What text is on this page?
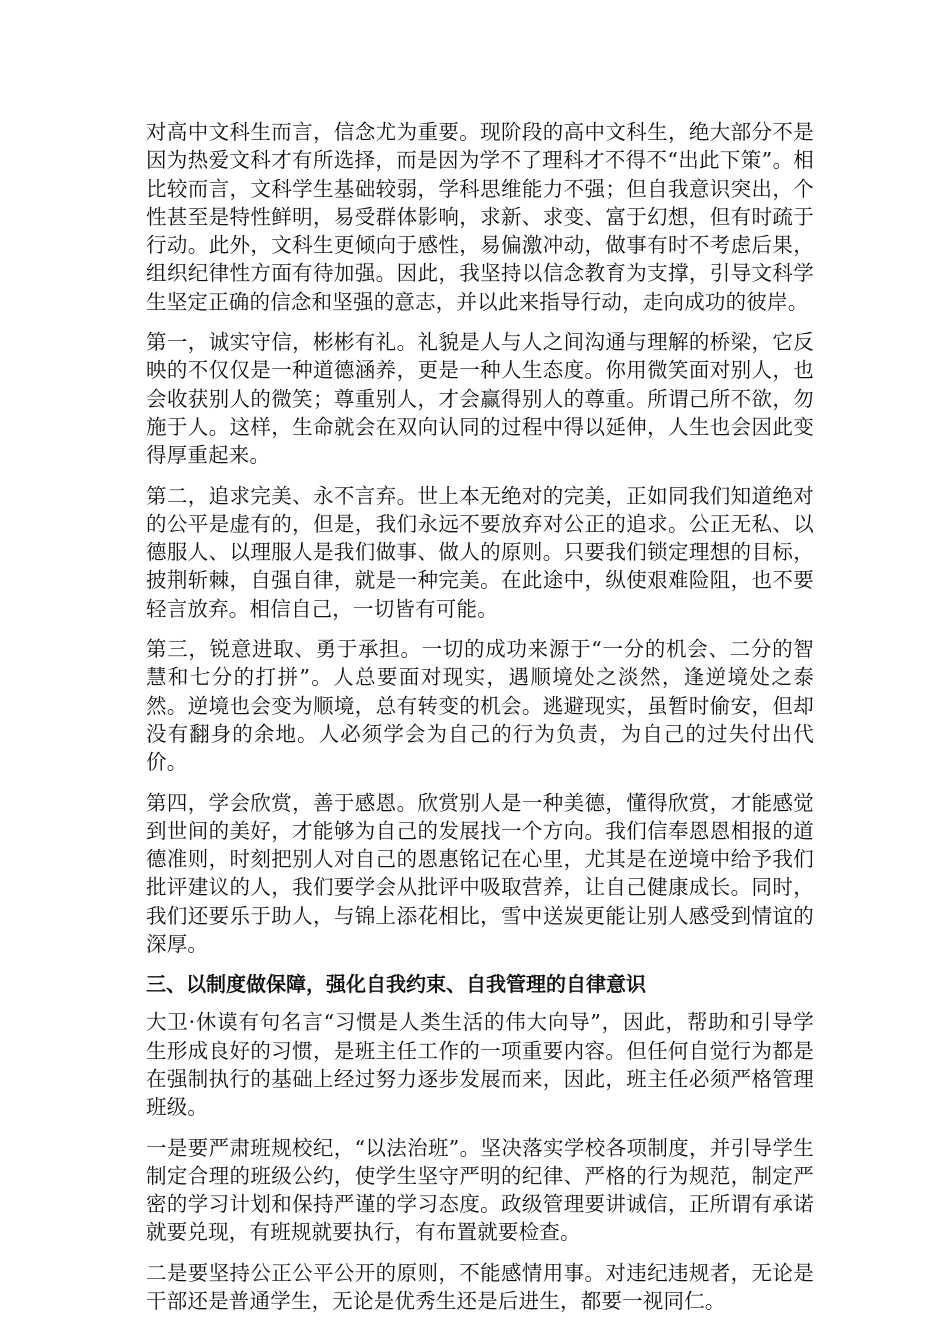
对高中文科生而言，信念尤为重要。现阶段的高中文科生，绝大部分不是因为热爱文科才有所选择，而是因为学不了理科才不得不“出此下策”。相比较而言，文科学生基础较弱，学科思维能力不强；但自我意识突出，个性甚至是特性鲜明，易受群体影响，求新、求变、富于幻想，但有时疏于行动。此外，文科生更倾向于感性，易偏激冲动，做事有时不考虑后果，组织纪律性方面有待加强。因此，我坚持以信念教育为支撑，引导文科学生坚定正确的信念和坚强的意志，并以此来指导行动，走向成功的彼岸。

第一，诚实守信，彬彬有礼。礼貌是人与人之间沟通与理解的桥梁，它反映的不仅仅是一种道德涵养，更是一种人生态度。你用微笑面对别人，也会收获别人的微笑；尊重别人，才会赢得别人的尊重。所谓己所不欲，勿施于人。这样，生命就会在双向认同的过程中得以延伸，人生也会因此变得厚重起来。

第二，追求完美、永不言弃。世上本无绝对的完美，正如同我们知道绝对的公平是虚有的，但是，我们永远不要放弃对公正的追求。公正无私、以德服人、以理服人是我们做事、做人的原则。只要我们锁定理想的目标，披荆斩棘，自强自律，就是一种完美。在此途中，纵使艰难险阻，也不要轻言放弃。相信自己，一切皆有可能。

第三，锐意进取、勇于承担。一切的成功来源于“一分的机会、二分的智慧和七分的打拼”。人总要面对现实，遇顺境处之淡然，逢逆境处之泰然。逆境也会变为顺境，总有转变的机会。逃避现实，虽暂时偷安，但却没有翻身的余地。人必须学会为自己的行为负责，为自己的过失付出代价。

第四，学会欣赏，善于感恩。欣赏别人是一种美德，懂得欣赏，才能感觉到世间的美好，才能够为自己的发展找一个方向。我们信奉恩恩相报的道德准则，时刻把别人对自己的恩惠铭记在心里，尤其是在逆境中给予我们批评建议的人，我们要学会从批评中吸取营养，让自己健康成长。同时，我们还要乐于助人，与锦上添花相比，雪中送炭更能让别人感受到情谊的深厚。

三、以制度做保障，强化自我约束、自我管理的自律意识

大卫·休谟有句名言“习惯是人类生活的伟大向导”，因此，帮助和引导学生形成良好的习惯，是班主任工作的一项重要内容。但任何自觉行为都是在强制执行的基础上经过努力逐步发展而来，因此，班主任必须严格管理班级。

一是要严肃班规校纪，“以法治班”。坚决落实学校各项制度，并引导学生制定合理的班级公约，使学生坚守严明的纪律、严格的行为规范，制定严密的学习计划和保持严谨的学习态度。政级管理要讲诚信，正所谓有承诺就要兑现，有班规就要执行，有布置就要检查。

二是要坚持公正公平公开的原则，不能感情用事。对违纪违规者，无论是干部还是普通学生，无论是优秀生还是后进生，都要一视同仁。
